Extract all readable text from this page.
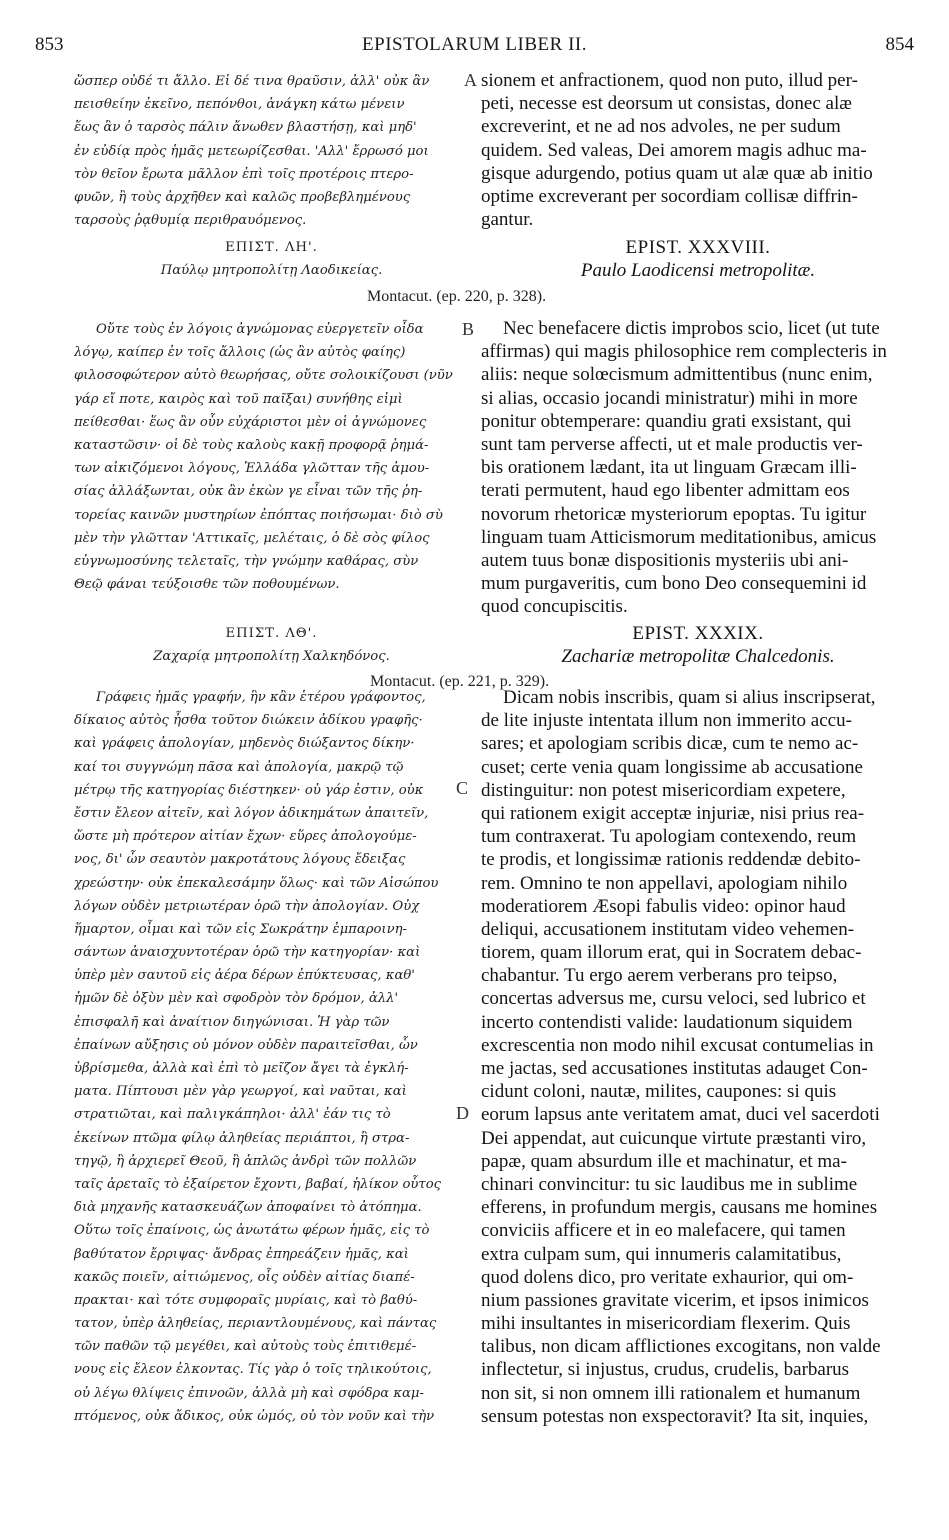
853	EPISTOLARUM LIBER II.	854
A
B
C
D
ὥσπερ οὐδέ τι ἄλλο. Εἰ δέ τινα θραῦσιν, ἀλλ' οὐκ ἂν
πεισθείην ἐκεῖνο, πεπόνθοι, ἀνάγκη κάτω μένειν
ἕως ἂν ὁ ταρσὸς πάλιν ἄνωθεν βλαστήσῃ, καὶ μηδ'
ἐν εὐδίᾳ πρὸς ἡμᾶς μετεωρίζεσθαι. 'Αλλ' ἔρρωσό μοι
τὸν θεῖον ἔρωτα μᾶλλον ἐπὶ τοῖς προτέροις πτερο-
φυῶν, ἢ τοὺς ἀρχῆθεν καὶ καλῶς προβεβλημένους
ταρσοὺς ῥᾳθυμίᾳ περιθραυόμενος.
sionem et anfractionem, quod non puto, illud per-
peti, necesse est deorsum ut consistas, donec alæ
excreverint, et ne ad nos advoles, ne per sudum
quidem. Sed valeas, Dei amorem magis adhuc ma-
gisque adurgendo, potius quam ut alæ quæ ab initio
optime excreverant per socordiam collisæ diffrin-
gantur.
ΕΠΙΣΤ. ΛΗ'.
Παύλῳ μητροπολίτῃ Λαοδικείας.
EPIST. XXXVIII.
Paulo Laodicensi metropolitæ.
Montacut. (ep. 220, p. 328).
Οὔτε τοὺς ἐν λόγοις ἀγνώμονας εὐεργετεῖν οἶδα
λόγῳ, καίπερ ἐν τοῖς ἄλλοις (ὡς ἂν αὐτὸς φαίης)
φιλοσοφώτερον αὐτὸ θεωρήσας, οὔτε σολοικίζουσι (νῦν
γάρ εἴ ποτε, καιρὸς καὶ τοῦ παῖξαι) συνήθης εἰμὶ
πείθεσθαι· ἕως ἂν οὖν εὐχάριστοι μὲν οἱ ἀγνώμονες
καταστῶσιν· οἱ δὲ τοὺς καλοὺς κακῇ προφορᾷ ῥημά-
των αἰκιζόμενοι λόγους, Ἑλλάδα γλῶτταν τῆς ἀμου-
σίας ἀλλάξωνται, οὐκ ἂν ἑκὼν γε εἶναι τῶν τῆς ῥη-
τορείας καινῶν μυστηρίων ἐπόπτας ποιήσωμαι· διὸ σὺ
μὲν τὴν γλῶτταν 'Αττικαῖς, μελέταις, ὁ δὲ σὸς φίλος
εὐγνωμοσύνης τελεταῖς, τὴν γνώμην καθάρας, σὺν
Θεῷ φάναι τεύξοισθε τῶν ποθουμένων.
Nec benefacere dictis improbos scio, licet (ut tute
affirmas) qui magis philosophice rem complecteris in
aliis: neque solœcismum admittentibus (nunc enim,
si alias, occasio jocandi ministratur) mihi in more
ponitur obtemperare: quandiu grati exsistant, qui
sunt tam perverse affecti, ut et male productis ver-
bis orationem lædant, ita ut linguam Græcam illi-
terati permutent, haud ego libenter admittam eos
novorum rhetoricæ mysteriorum epoptas. Tu igitur
linguam tuam Atticismorum meditationibus, amicus
autem tuus bonæ dispositionis mysteriis ubi ani-
mum purgaveritis, cum bono Deo consequemini id
quod concupiscitis.
ΕΠΙΣΤ. ΛΘ'.
Ζαχαρίᾳ μητροπολίτῃ Χαλκηδόνος.
EPIST. XXXIX.
Zachariæ metropolitæ Chalcedonis.
Montacut. (ep. 221, p. 329).
Γράφεις ἡμᾶς γραφήν, ἣν κἂν ἑτέρου γράφοντος,
δίκαιος αὐτὸς ἦσθα τοῦτον διώκειν ἀδίκου γραφῆς·
καὶ γράφεις ἀπολογίαν, μηδενὸς διώξαντος δίκην·
καί τοι συγγνώμη πᾶσα καὶ ἀπολογία, μακρῷ τῷ
μέτρῳ τῆς κατηγορίας διέστηκεν· οὐ γάρ ἐστιν, οὐκ
ἔστιν ἔλεον αἰτεῖν, καὶ λόγον ἀδικημάτων ἀπαιτεῖν,
ὥστε μὴ πρότερον αἰτίαν ἔχων· εὕρες ἀπολογούμε-
νος, δι' ὧν σεαυτὸν μακροτάτους λόγους ἔδειξας
χρεώστην· οὐκ ἐπεκαλεσάμην ὅλως· καὶ τῶν Αἰσώπου
λόγων οὐδὲν μετριωτέραν ὁρῶ τὴν ἀπολογίαν. Οὐχ
ἥμαρτον, οἶμαι καὶ τῶν εἰς Σωκράτην ἐμπαροινη-
σάντων ἀναισχυντοτέραν ὁρῶ τὴν κατηγορίαν· καὶ
ὑπὲρ μὲν σαυτοῦ εἰς ἀέρα δέρων ἐπύκτευσας, καθ'
ἡμῶν δὲ ὀξὺν μὲν καὶ σφοδρὸν τὸν δρόμον, ἀλλ'
ἐπισφαλῆ καὶ ἀναίτιον διηγώνισαι. Ἡ γὰρ τῶν
ἐπαίνων αὔξησις οὐ μόνον οὐδὲν παραιτεῖσθαι, ὧν
ὑβρίσμεθα, ἀλλὰ καὶ ἐπὶ τὸ μεῖζον ἄγει τὰ ἐγκλή-
ματα. Πίπτουσι μὲν γὰρ γεωργοί, καὶ ναῦται, καὶ
στρατιῶται, καὶ παλιγκάπηλοι· ἀλλ' ἐάν τις τὸ
ἐκείνων πτῶμα φίλῳ ἀληθείας περιάπτοι, ἢ στρα-
τηγῷ, ἢ ἀρχιερεῖ Θεοῦ, ἢ ἁπλῶς ἀνδρὶ τῶν πολλῶν
ταῖς ἀρεταῖς τὸ ἐξαίρετον ἔχοντι, βαβαί, ἡλίκον οὗτος
διὰ μηχανῆς κατασκευάζων ἀποφαίνει τὸ ἀτόπημα.
Οὕτω τοῖς ἐπαίνοις, ὡς ἀνωτάτω φέρων ἡμᾶς, εἰς τὸ
βαθύτατον ἔρριψας· ἄνδρας ἐπηρεάζειν ἡμᾶς, καὶ
κακῶς ποιεῖν, αἰτιώμενος, οἷς οὐδὲν αἰτίας διαπέ-
πρακται· καὶ τότε συμφοραῖς μυρίαις, καὶ τὸ βαθύ-
τατον, ὑπὲρ ἀληθείας, περιαντλουμένους, καὶ πάντας
τῶν παθῶν τῷ μεγέθει, καὶ αὐτοὺς τοὺς ἐπιτιθεμέ-
νους εἰς ἔλεον ἐλκοντας. Τίς γὰρ ὁ τοῖς τηλικούτοις,
οὐ λέγω θλίψεις ἐπινοῶν, ἀλλὰ μὴ καὶ σφόδρα καμ-
πτόμενος, οὐκ ἄδικος, οὐκ ὠμός, οὐ τὸν νοῦν καὶ τὴν
Dicam nobis inscribis, quam si alius inscripserat,
de lite injuste intentata illum non immerito accu-
sares; et apologiam scribis dicæ, cum te nemo ac-
cuset; certe venia quam longissime ab accusatione
distinguitur: non potest misericordiam expetere,
qui rationem exigit acceptæ injuriæ, nisi prius rea-
tum contraxerat. Tu apologiam contexendo, reum
te prodis, et longissimæ rationis reddendæ debito-
rem. Omnino te non appellavi, apologiam nihilo
moderatiorem Æsopi fabulis video: opinor haud
deliqui, accusationem institutam video vehemen-
tiorem, quam illorum erat, qui in Socratem debac-
chabantur. Tu ergo aerem verberans pro teipso,
concertas adversus me, cursu veloci, sed lubrico et
incerto contendisti valide: laudationum siquidem
excrescentia non modo nihil excusat contumelias in
me jactas, sed accusationes institutas adauget Con-
cidunt coloni, nautæ, milites, caupones: si quis
eorum lapsus ante veritatem amat, duci vel sacerdoti
Dei appendat, aut cuicunque virtute præstanti viro,
papæ, quam absurdum ille et machinatur, et ma-
chinari convincitur: tu sic laudibus me in sublime
efferens, in profundum mergis, causans me homines
conviciis afficere et in eo malefacere, qui tamen
extra culpam sum, qui innumeris calamitatibus,
quod dolens dico, pro veritate exhaurior, qui om-
nium passiones gravitate vicerim, et ipsos inimicos
mihi insultantes in misericordiam flexerim. Quis
talibus, non dicam afflictiones excogitans, non valde
inflectetur, si injustus, crudus, crudelis, barbarus
non sit, si non omnem illi rationalem et humanum
sensum potestas non exspectoravit? Ita sit, inquies,
